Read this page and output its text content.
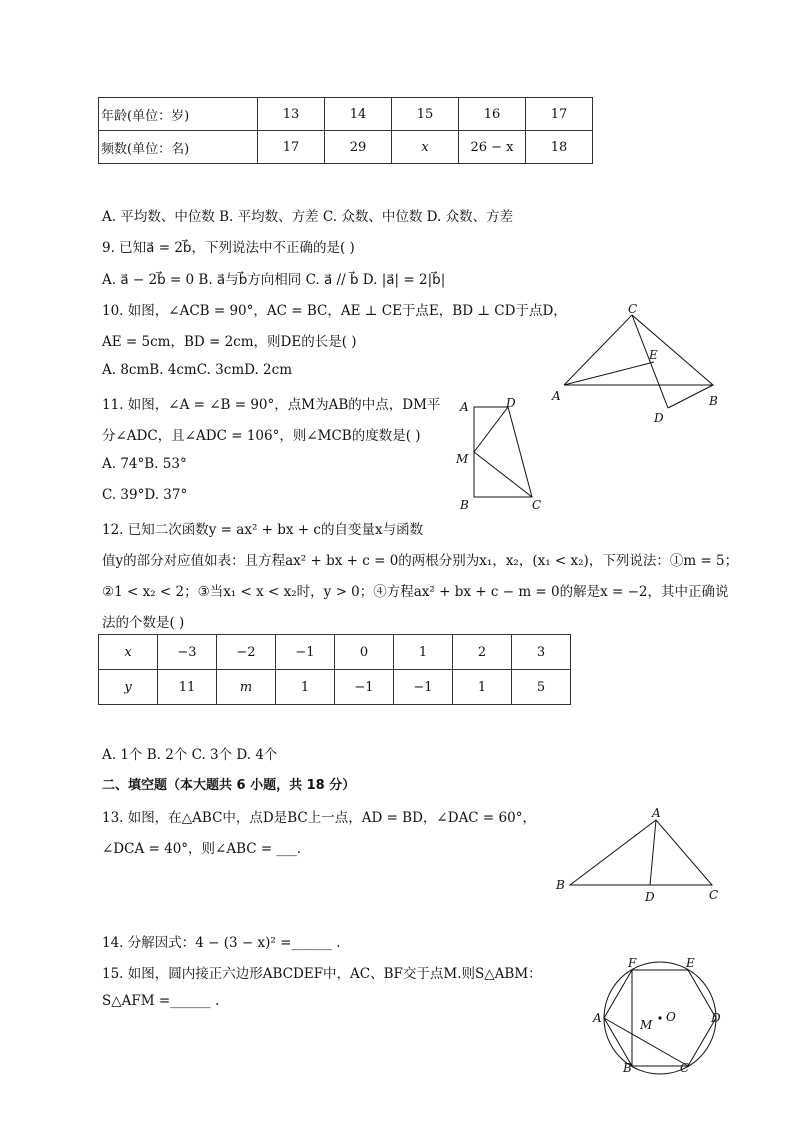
年龄(单位：岁)	13	14	15	16	17
频数(单位：名)	17	29	x	26 − x	18
A. 平均数、中位数 B. 平均数、方差 C. 众数、中位数 D. 众数、方差
9. 已知a⃗ = 2b⃗，下列说法中不正确的是( )
A. a⃗ − 2b⃗ = 0 B. a⃗与b⃗方向相同 C. a⃗ // b⃗ D. |a⃗| = 2|b⃗|
10. 如图，∠ACB = 90°，AC = BC，AE ⊥ CE于点E，BD ⊥ CD于点D，
AE = 5cm，BD = 2cm，则DE的长是( )
A. 8cmB. 4cmC. 3cmD. 2cm
C
E
A
D
B
11. 如图，∠A = ∠B = 90°，点M为AB的中点，DM平
分∠ADC，且∠ADC = 106°，则∠MCB的度数是( )
A. 74°B. 53°
C. 39°D. 37°
A	D
M
B	C
12. 已知二次函数y = ax² + bx + c的自变量x与函数
值y的部分对应值如表：且方程ax² + bx + c = 0的两根分别为x₁，x₂，(x₁ < x₂)，下列说法：①m = 5；
②1 < x₂ < 2；③当x₁ < x < x₂时，y > 0；④方程ax² + bx + c − m = 0的解是x = −2，其中正确说
法的个数是( )
x	−3	−2	−1	0	1	2	3
y	11	m	1	−1	−1	1	5
A. 1个 B. 2个 C. 3个 D. 4个
二、填空题（本大题共 6 小题，共 18 分）
13. 如图，在△ABC中，点D是BC上一点，AD = BD，∠DAC = 60°，
∠DCA = 40°，则∠ABC = ___.
A
B
D	C
14. 分解因式：4 − (3 − x)² =______ .
15. 如图，圆内接正六边形ABCDEF中，AC、BF交于点M.则S△ABM：
S△AFM =______ .
F	E
A	M
O	D
B	C
